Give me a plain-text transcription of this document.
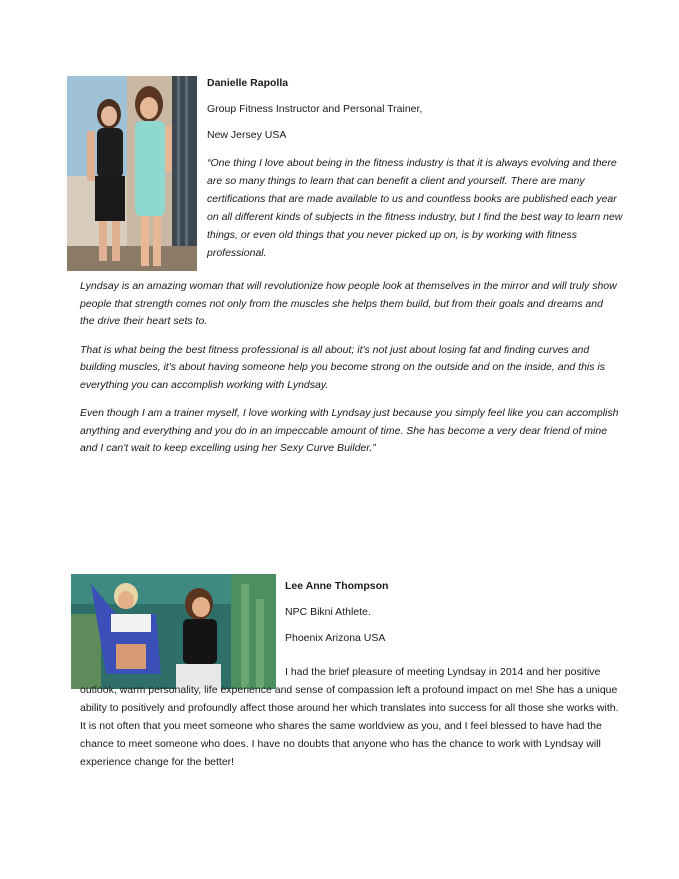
Danielle Rapolla

Group Fitness Instructor and Personal Trainer,

New Jersey USA

“One thing I love about being in the fitness industry is that it is always evolving and there are so many things to learn that can benefit a client and yourself. There are many certifications that are made available to us and countless books are published each year on all different kinds of subjects in the fitness industry, but I find the best way to learn new things, or even old things that you never picked up on, is by working with fitness professional.

Lyndsay is an amazing woman that will revolutionize how people look at themselves in the mirror and will truly show people that strength comes not only from the muscles she helps them build, but from their goals and dreams and the drive their heart sets to.

That is what being the best fitness professional is all about; it's not just about losing fat and finding curves and building muscles, it's about having someone help you become strong on the outside and on the inside, and this is everything you can accomplish working with Lyndsay.

Even though I am a trainer myself, I love working with Lyndsay just because you simply feel like you can accomplish anything and everything and you do in an impeccable amount of time. She has become a very dear friend of mine and I can't wait to keep excelling using her Sexy Curve Builder.”

Lee Anne Thompson

NPC Bikni Athlete.

Phoenix Arizona USA

I had the brief pleasure of meeting Lyndsay in 2014 and her positive outlook, warm personality, life experience and sense of compassion left a profound impact on me! She has a unique ability to positively and profoundly affect those around her which translates into success for all those she works with. It is not often that you meet someone who shares the same worldview as you, and I feel blessed to have had the chance to meet someone who does. I have no doubts that anyone who has the chance to work with Lyndsay will experience change for the better!
